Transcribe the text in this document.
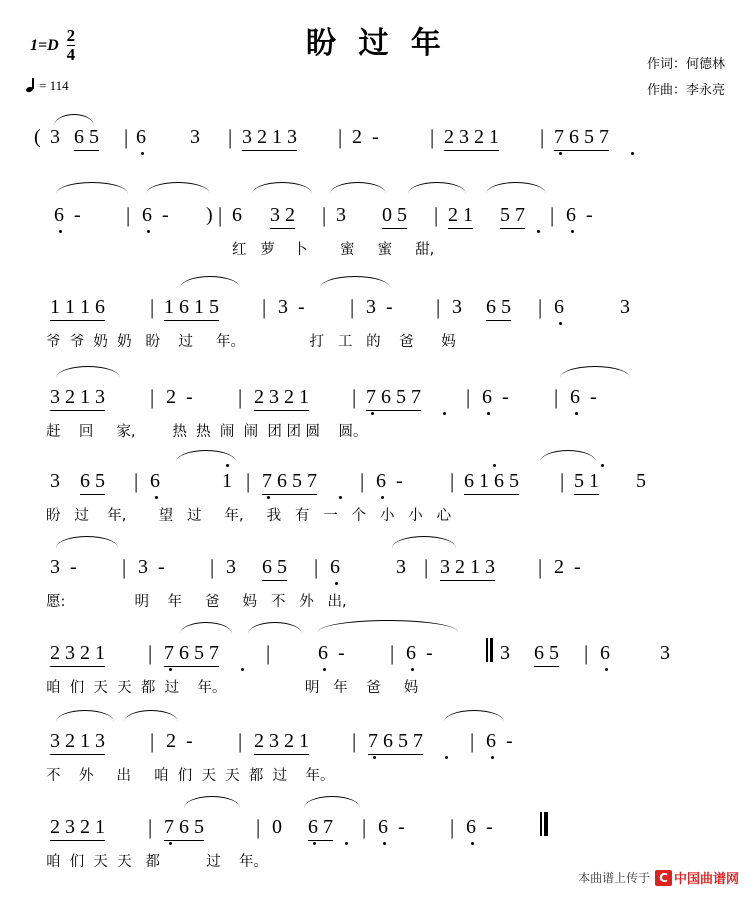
$1=D \frac{2}{4}$	盼 过 年
= 114
作词：何德林
作曲：李永亮
( 3 6 5 | 6 3 | 3 2 1 3 | 2  - | 2 3 2 1 | 7 6 5 7
6  - | 6  - ) | 6 3 2 | 3 0 5 | 2 1 5 7 | 6  -
红   萝    卜       蜜     蜜     甜,
1 1 1 6 | 1 6 1 5 | 3  - | 3  - | 3 6 5 | 6	3
爷  爷  奶  奶   盼    过     年。              打   工   的    爸      妈
3 2 1 3 | 2  - | 2 3 2 1 | 7 6 5 7 | 6  - | 6  -
赶    回     家,        热  热  闹  闹  团 团 圆    圆。
3 6 5 | 6	1 | 7 6 5 7 | 6  - | 6 1 6 5 | 5 1 5
盼   过    年,       望   过     年,     我   有   一   个   小   小   心
3  - | 3  - | 3 6 5 | 6	3 | 3 2 1 3 | 2  -
愿:               明    年     爸     妈   不   外   出,
2 3 2 1 | 7 6 5 7 | 6  - | 6  -	3 6 5 | 6	3
咱  们  天  天  都  过    年。                 明   年    爸     妈
3 2 1 3 | 2  - | 2 3 2 1 | 7 6 5 7 | 6  -
不    外     出     咱  们  天  天  都  过    年。
2 3 2 1 | 7 6 5 | 0 6 7 | 6  - | 6  -
咱  们  天  天   都          过    年。
本曲谱上传于 C 中国曲谱网
